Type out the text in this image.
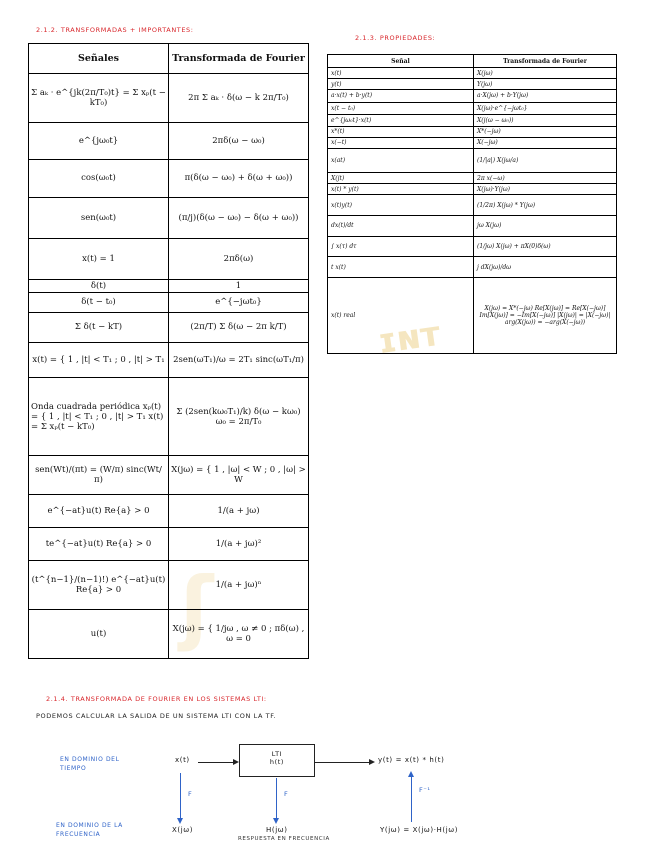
ɪɴᴛ
ʃ
2.1.2. TRANSFORMADAS + IMPORTANTES:
2.1.3. PROPIEDADES:
Señales	Transformada de Fourier
Σ aₖ · e^{jk(2π/T₀)t} = Σ xₚ(t − kT₀)	2π Σ aₖ · δ(ω − k 2π/T₀)
e^{jω₀t}	2πδ(ω − ω₀)
cos(ω₀t)	π(δ(ω − ω₀) + δ(ω + ω₀))
sen(ω₀t)	(π/j)(δ(ω − ω₀) − δ(ω + ω₀))
x(t) = 1	2πδ(ω)
δ(t)	1
δ(t − t₀)	e^{−jωt₀}
Σ δ(t − kT)	(2π/T) Σ δ(ω − 2π k/T)
x(t) = { 1 , |t| < T₁ ; 0 , |t| > T₁	2sen(ωT₁)/ω = 2T₁ sinc(ωT₁/π)
Onda cuadrada periódica xₚ(t) = { 1 , |t| < T₁ ; 0 , |t| > T₁ x(t) = Σ xₚ(t − kT₀)	Σ (2sen(kω₀T₁)/k) δ(ω − kω₀) ω₀ = 2π/T₀
sen(Wt)/(πt) = (W/π) sinc(Wt/π)	X(jω) = { 1 , |ω| < W ; 0 , |ω| > W
e^{−at}u(t) Re{a} > 0	1/(a + jω)
te^{−at}u(t) Re{a} > 0	1/(a + jω)²
(t^{n−1}/(n−1)!) e^{−at}u(t) Re{a} > 0	1/(a + jω)ⁿ
u(t)	X(jω) = { 1/jω , ω ≠ 0 ; πδ(ω) , ω = 0
Señal	Transformada de Fourier
x(t)	X(jω)
y(t)	Y(jω)
a·x(t) + b·y(t)	a·X(jω) + b·Y(jω)
x(t − t₀)	X(jω)·e^{−jωt₀}
e^{jω₀t}·x(t)	X(j(ω − ω₀))
x*(t)	X*(−jω)
x(−t)	X(−jω)
x(at)	(1/|a|) X(jω/a)
X(jt)	2π x(−ω)
x(t) * y(t)	X(jω)·Y(jω)
x(t)y(t)	(1/2π) X(jω) * Y(jω)
dx(t)/dt	jω X(jω)
∫ x(τ) dτ	(1/jω) X(jω) + πX(0)δ(ω)
t x(t)	j dX(jω)/dω
x(t) real	X(jω) = X*(−jω) Re[X(jω)] = Re[X(−jω)] Im[X(jω)] = −Im[X(−jω)] |X(jω)| = |X(−jω)| arg(X(jω)) = −arg(X(−jω))
2.1.4. TRANSFORMADA DE FOURIER EN LOS SISTEMAS LTI:
PODEMOS CALCULAR LA SALIDA DE UN SISTEMA LTI CON LA TF.
EN DOMINIO DEL TIEMPO
x(t)
LTI
h(t)	y(t) = x(t) * h(t)
F	F	F⁻¹
EN DOMINIO DE LA FRECUENCIA
X(jω)	H(jω)
RESPUESTA EN FRECUENCIA
Y(jω) = X(jω)·H(jω)
